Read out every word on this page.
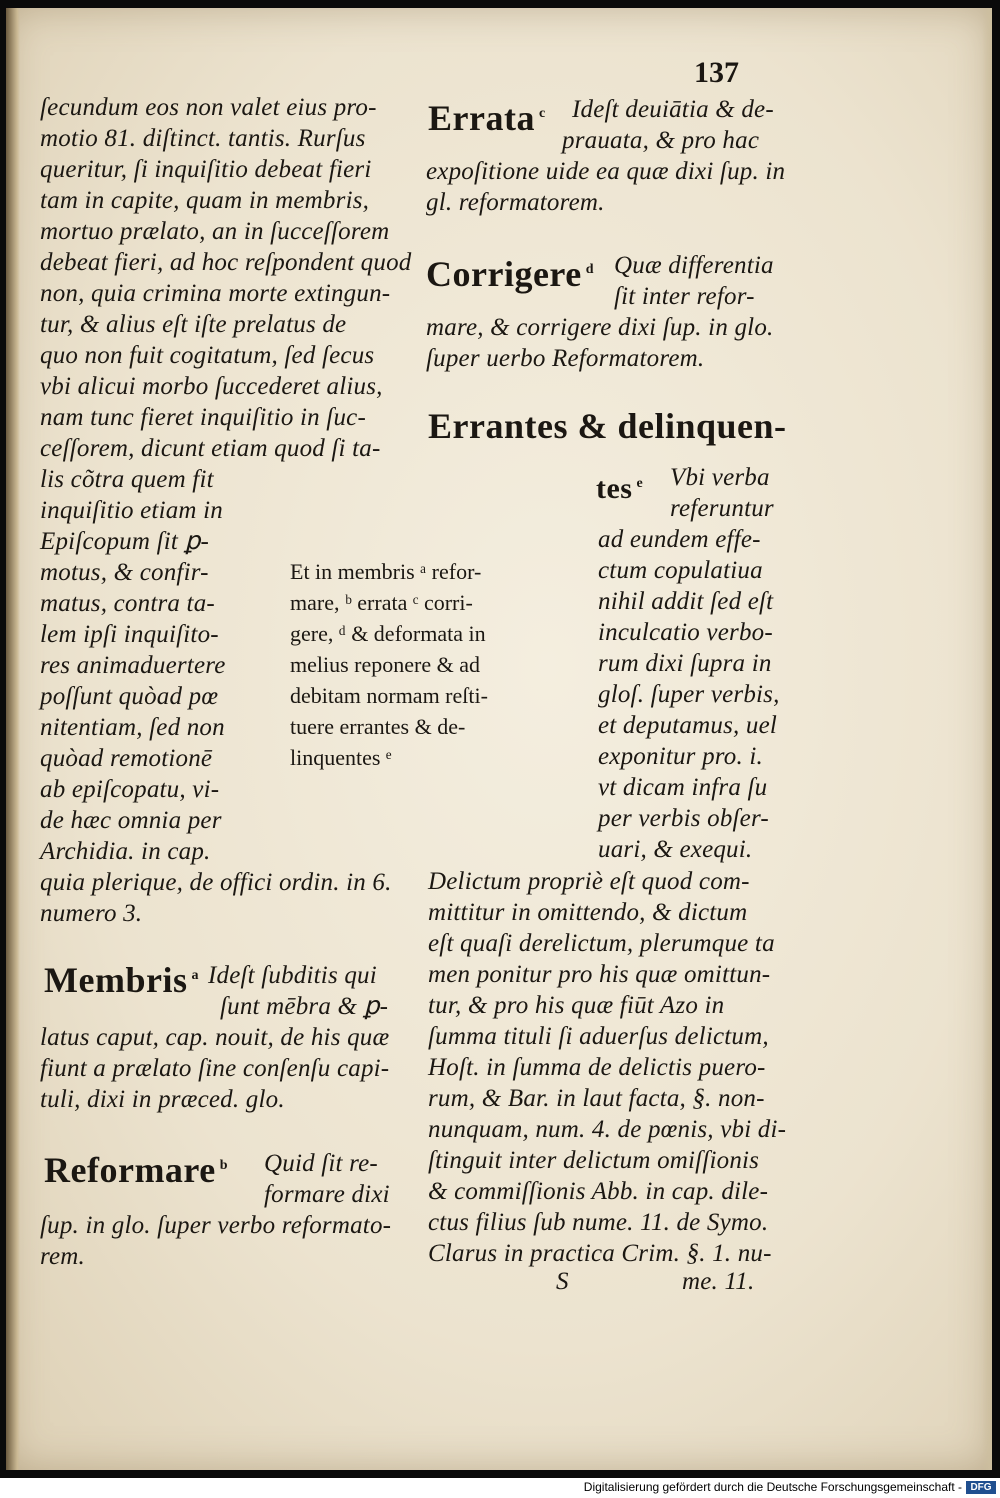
137
ſecundum eos non valet eius pro-
motio 81. diſtinct. tantis. Rurſus
queritur, ſi inquiſitio debeat fieri
tam in capite, quam in membris,
mortuo prælato, an in ſucceſſorem
debeat fieri, ad hoc reſpondent quod
non, quia crimina morte extingun-
tur, & alius eſt iſte prelatus de
quo non fuit cogitatum, ſed ſecus
vbi alicui morbo ſuccederet alius,
nam tunc fieret inquiſitio in ſuc-
ceſſorem, dicunt etiam quod ſi ta-
lis cõtra quem fit
inquiſitio etiam in
Epiſcopum ſit ꝑ-
motus, & confir-
matus, contra ta-
lem ipſi inquiſito-
res animaduertere
poſſunt quòad pœ
nitentiam, ſed non
quòad remotionē
ab epiſcopatu, vi-
de hæc omnia per
Archidia. in cap.
quia plerique, de offici ordin. in 6.
numero 3.
Membris $^a$ Ideſt ſubditis qui
ſunt mēbra & ꝑ-
latus caput, cap. nouit, de his quæ
fiunt a prælato ſine conſenſu capi-
tuli, dixi in præced. glo.
Reformare $^b$ Quid ſit re-
formare dixi
ſup. in glo. ſuper verbo reformato-
rem.
Et in membris ᵃ refor-
mare, ᵇ errata ᶜ corri-
gere, ᵈ & deformata in
melius reponere & ad
debitam normam reſti-
tuere errantes & de-
linquentes ᵉ
Errata $^c$ Ideſt deuiātia & de-
prauata, & pro hac
expoſitione uide ea quæ dixi ſup. in
gl. reformatorem.
Corrigere $^d$ Quæ differentia
ſit inter refor-
mare, & corrigere dixi ſup. in glo.
ſuper uerbo Reformatorem.
Errantes & delinquen-
tes $^e$ Vbi verba
referuntur
ad eundem effe-
ctum copulatiua
nihil addit ſed eſt
inculcatio verbo-
rum dixi ſupra in
gloſ. ſuper verbis,
et deputamus, uel
exponitur pro. i.
vt dicam infra ſu
per verbis obſer-
uari, & exequi.
Delictum propriè eſt quod com-
mittitur in omittendo, & dictum
eſt quaſi derelictum, plerumque ta
men ponitur pro his quæ omittun-
tur, & pro his quæ fiūt Azo in
ſumma tituli ſi aduerſus delictum,
Hoſt. in ſumma de delictis puero-
rum, & Bar. in laut facta, §. non-
nunquam, num. 4. de pœnis, vbi di-
ſtinguit inter delictum omiſſionis
& commiſſionis Abb. in cap. dile-
ctus filius ſub nume. 11. de Symo.
Clarus in practica Crim. §. 1. nu-
S	me. 11.
Digitalisierung gefördert durch die Deutsche Forschungsgemeinschaft - DFG
